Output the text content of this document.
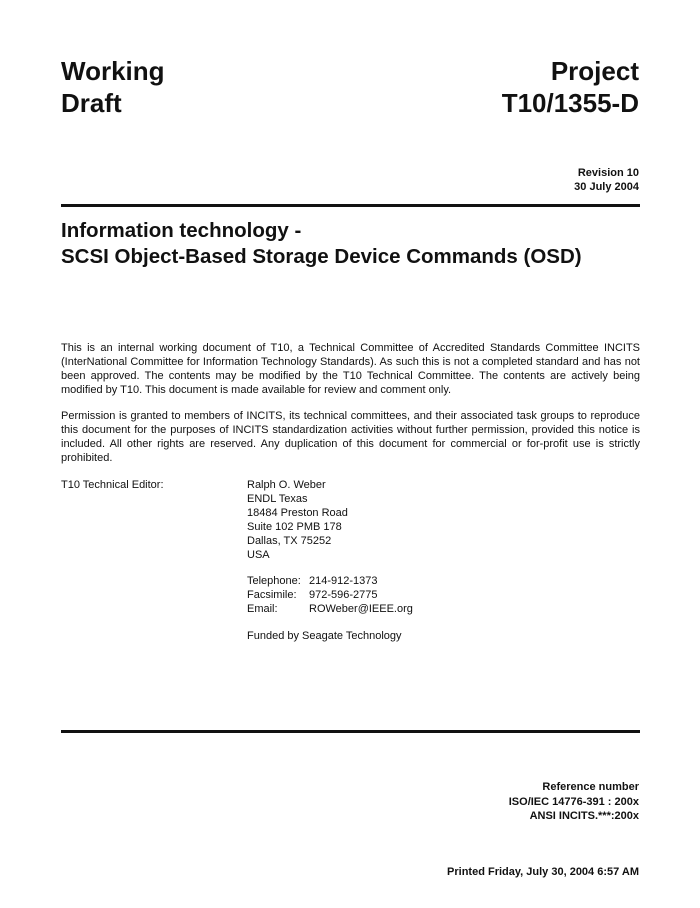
Working
Draft
Project
T10/1355-D
Revision 10
30 July 2004
Information technology -
SCSI Object-Based Storage Device Commands (OSD)
This is an internal working document of T10, a Technical Committee of Accredited Standards Committee INCITS (InterNational Committee for Information Technology Standards). As such this is not a completed standard and has not been approved. The contents may be modified by the T10 Technical Committee. The contents are actively being modified by T10. This document is made available for review and comment only.
Permission is granted to members of INCITS, its technical committees, and their associated task groups to reproduce this document for the purposes of INCITS standardization activities without further permission, provided this notice is included. All other rights are reserved. Any duplication of this document for commercial or for-profit use is strictly prohibited.
T10 Technical Editor:	Ralph O. Weber
ENDL Texas
18484 Preston Road
Suite 102 PMB 178
Dallas, TX 75252
USA
Telephone: 214-912-1373
Facsimile: 972-596-2775
Email:	ROWeber@IEEE.org
Funded by Seagate Technology
Reference number
ISO/IEC 14776-391 : 200x
ANSI INCITS.***:200x
Printed Friday, July 30, 2004 6:57 AM
